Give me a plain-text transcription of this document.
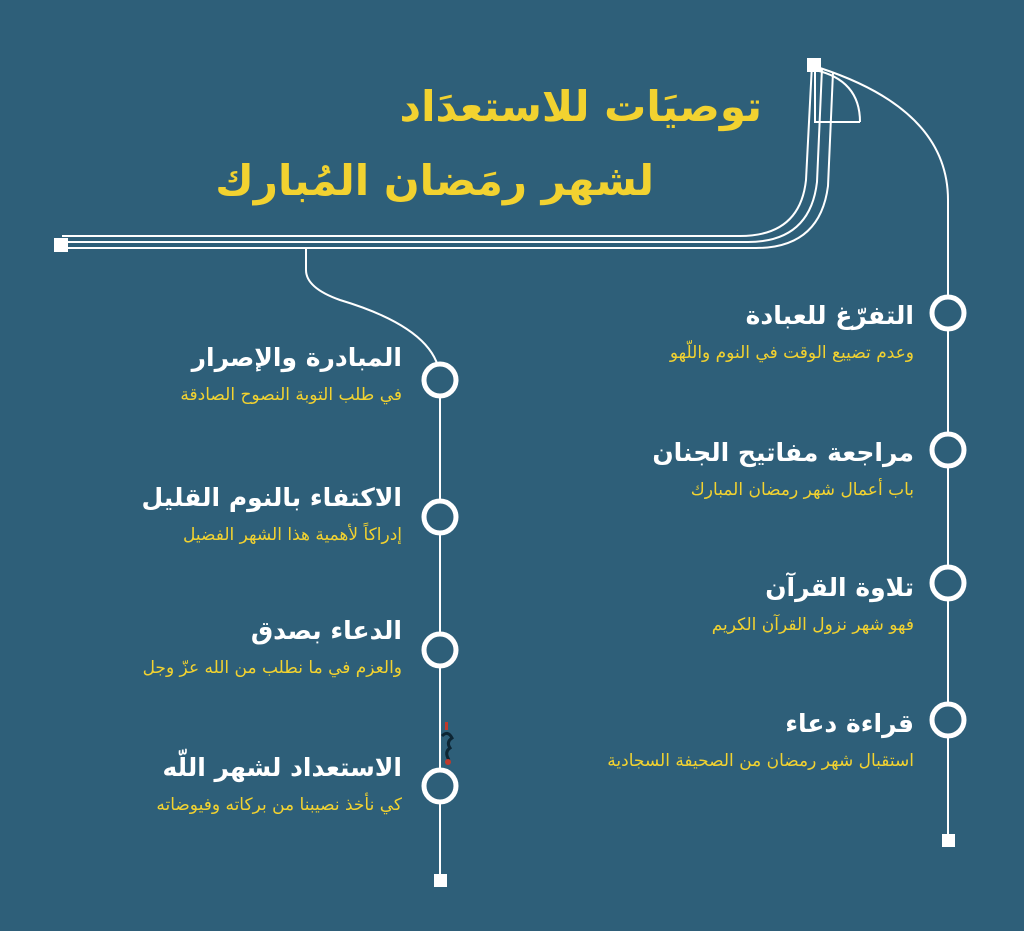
توصيَات للاستعدَاد
لشهر رمَضان المُبارك
التفرّغ للعبادة
وعدم تضييع الوقت في النوم واللّهو
مراجعة مفاتيح الجنان
باب أعمال شهر رمضان المبارك
تلاوة القرآن
فهو شهر نزول القرآن الكريم
قراءة دعاء
استقبال شهر رمضان من الصحيفة السجادية
المبادرة والإصرار
في طلب التوبة النصوح الصادقة
الاكتفاء بالنوم القليل
إدراكاً لأهمية هذا الشهر الفضيل
الدعاء بصدق
والعزم في ما نطلب من الله عزّ وجل
الاستعداد لشهر اللّه
كي نأخذ نصيبنا من بركاته وفيوضاته
